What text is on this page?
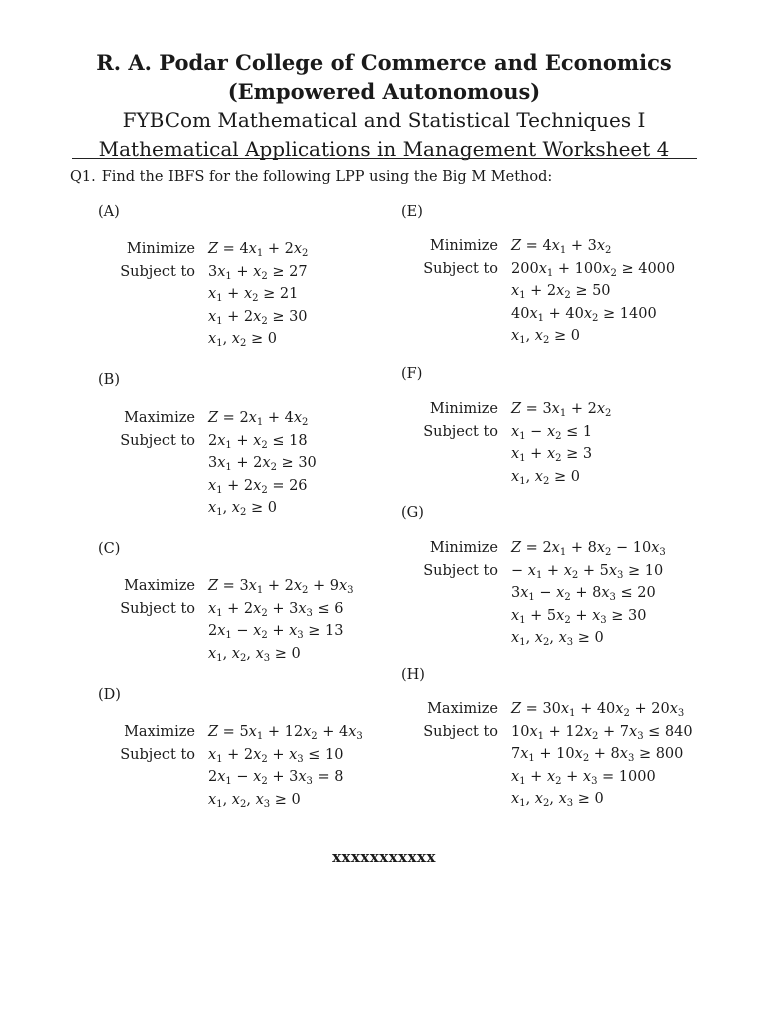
R. A. Podar College of Commerce and Economics
(Empowered Autonomous)
FYBCom Mathematical and Statistical Techniques I
Mathematical Applications in Management Worksheet 4
Q1. Find the IBFS for the following LPP using the Big M Method:
(A)
Minimize $Z = 4x_1 + 2x_2$
Subject to $3x_1 + x_2 \ge 27$
$x_1 + x_2 \ge 21$
$x_1 + 2x_2 \ge 30$
$x_1$, $x_2 \ge 0$
(B)
Maximize $Z = 2x_1 + 4x_2$
Subject to $2x_1 + x_2 \le 18$
$3x_1 + 2x_2 \ge 30$
$x_1 + 2x_2 = 26$
$x_1$, $x_2 \ge 0$
(C)
Maximize $Z = 3x_1 + 2x_2 + 9x_3$
Subject to $x_1 + 2x_2 + 3x_3 \le 6$
$2x_1 - x_2 + x_3 \ge 13$
$x_1$, $x_2$, $x_3 \ge 0$
(D)
Maximize $Z = 5x_1 + 12x_2 + 4x_3$
Subject to $x_1 + 2x_2 + x_3 \le 10$
$2x_1 - x_2 + 3x_3 = 8$
$x_1$, $x_2$, $x_3 \ge 0$
(E)
Minimize $Z = 4x_1 + 3x_2$
Subject to $200x_1 + 100x_2 \ge 4000$
$x_1 + 2x_2 \ge 50$
$40x_1 + 40x_2 \ge 1400$
$x_1$, $x_2 \ge 0$
(F)
Minimize $Z = 3x_1 + 2x_2$
Subject to $x_1 - x_2 \le 1$
$x_1 + x_2 \ge 3$
$x_1$, $x_2 \ge 0$
(G)
Minimize $Z = 2x_1 + 8x_2 - 10x_3$
Subject to − $x_1 + x_2 + 5x_3 \ge 10$
$3x_1 - x_2 + 8x_3 \le 20$
$x_1 + 5x_2 + x_3 \ge 30$
$x_1$, $x_2$, $x_3 \ge 0$
(H)
Maximize $Z = 30x_1 + 40x_2 + 20x_3$
Subject to $10x_1 + 12x_2 + 7x_3 \le 840$
$7x_1 + 10x_2 + 8x_3 \ge 800$
$x_1 + x_2 + x_3 = 1000$
$x_1$, $x_2$, $x_3 \ge 0$
xxxxxxxxxxx
